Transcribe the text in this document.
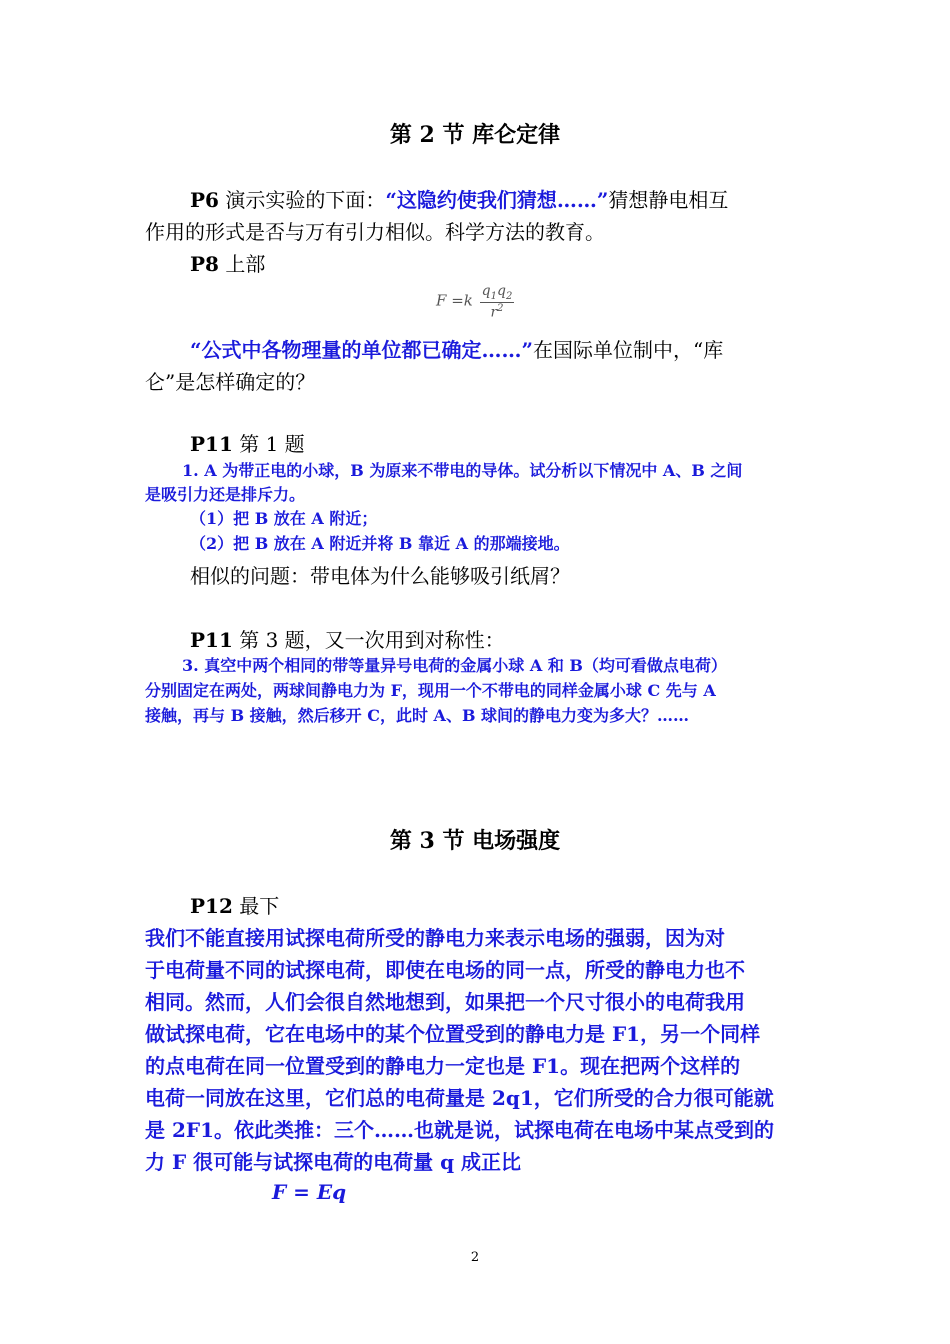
第 2 节 库仑定律
P6 演示实验的下面：“这隐约使我们猜想……”猜想静电相互
作用的形式是否与万有引力相似。科学方法的教育。
P8 上部
$F =k \frac{q_1q_2}{r^2}$
“公式中各物理量的单位都已确定……”在国际单位制中，“库
仑”是怎样确定的？
P11 第 1 题
1. A 为带正电的小球，B 为原来不带电的导体。试分析以下情况中 A、B 之间
是吸引力还是排斥力。
（1）把 B 放在 A 附近；
（2）把 B 放在 A 附近并将 B 靠近 A 的那端接地。
相似的问题：带电体为什么能够吸引纸屑？
P11 第 3 题，又一次用到对称性：
3. 真空中两个相同的带等量异号电荷的金属小球 A 和 B（均可看做点电荷）
分别固定在两处，两球间静电力为 F，现用一个不带电的同样金属小球 C 先与 A
接触，再与 B 接触，然后移开 C，此时 A、B 球间的静电力变为多大？……
第 3 节 电场强度
P12 最下
我们不能直接用试探电荷所受的静电力来表示电场的强弱，因为对
于电荷量不同的试探电荷，即使在电场的同一点，所受的静电力也不
相同。然而，人们会很自然地想到，如果把一个尺寸很小的电荷我用
做试探电荷，它在电场中的某个位置受到的静电力是 F1，另一个同样
的点电荷在同一位置受到的静电力一定也是 F1。现在把两个这样的
电荷一同放在这里，它们总的电荷量是 2q1，它们所受的合力很可能就
是 2F1。依此类推：三个……也就是说，试探电荷在电场中某点受到的
力 F 很可能与试探电荷的电荷量 q 成正比
F = Eq
2
